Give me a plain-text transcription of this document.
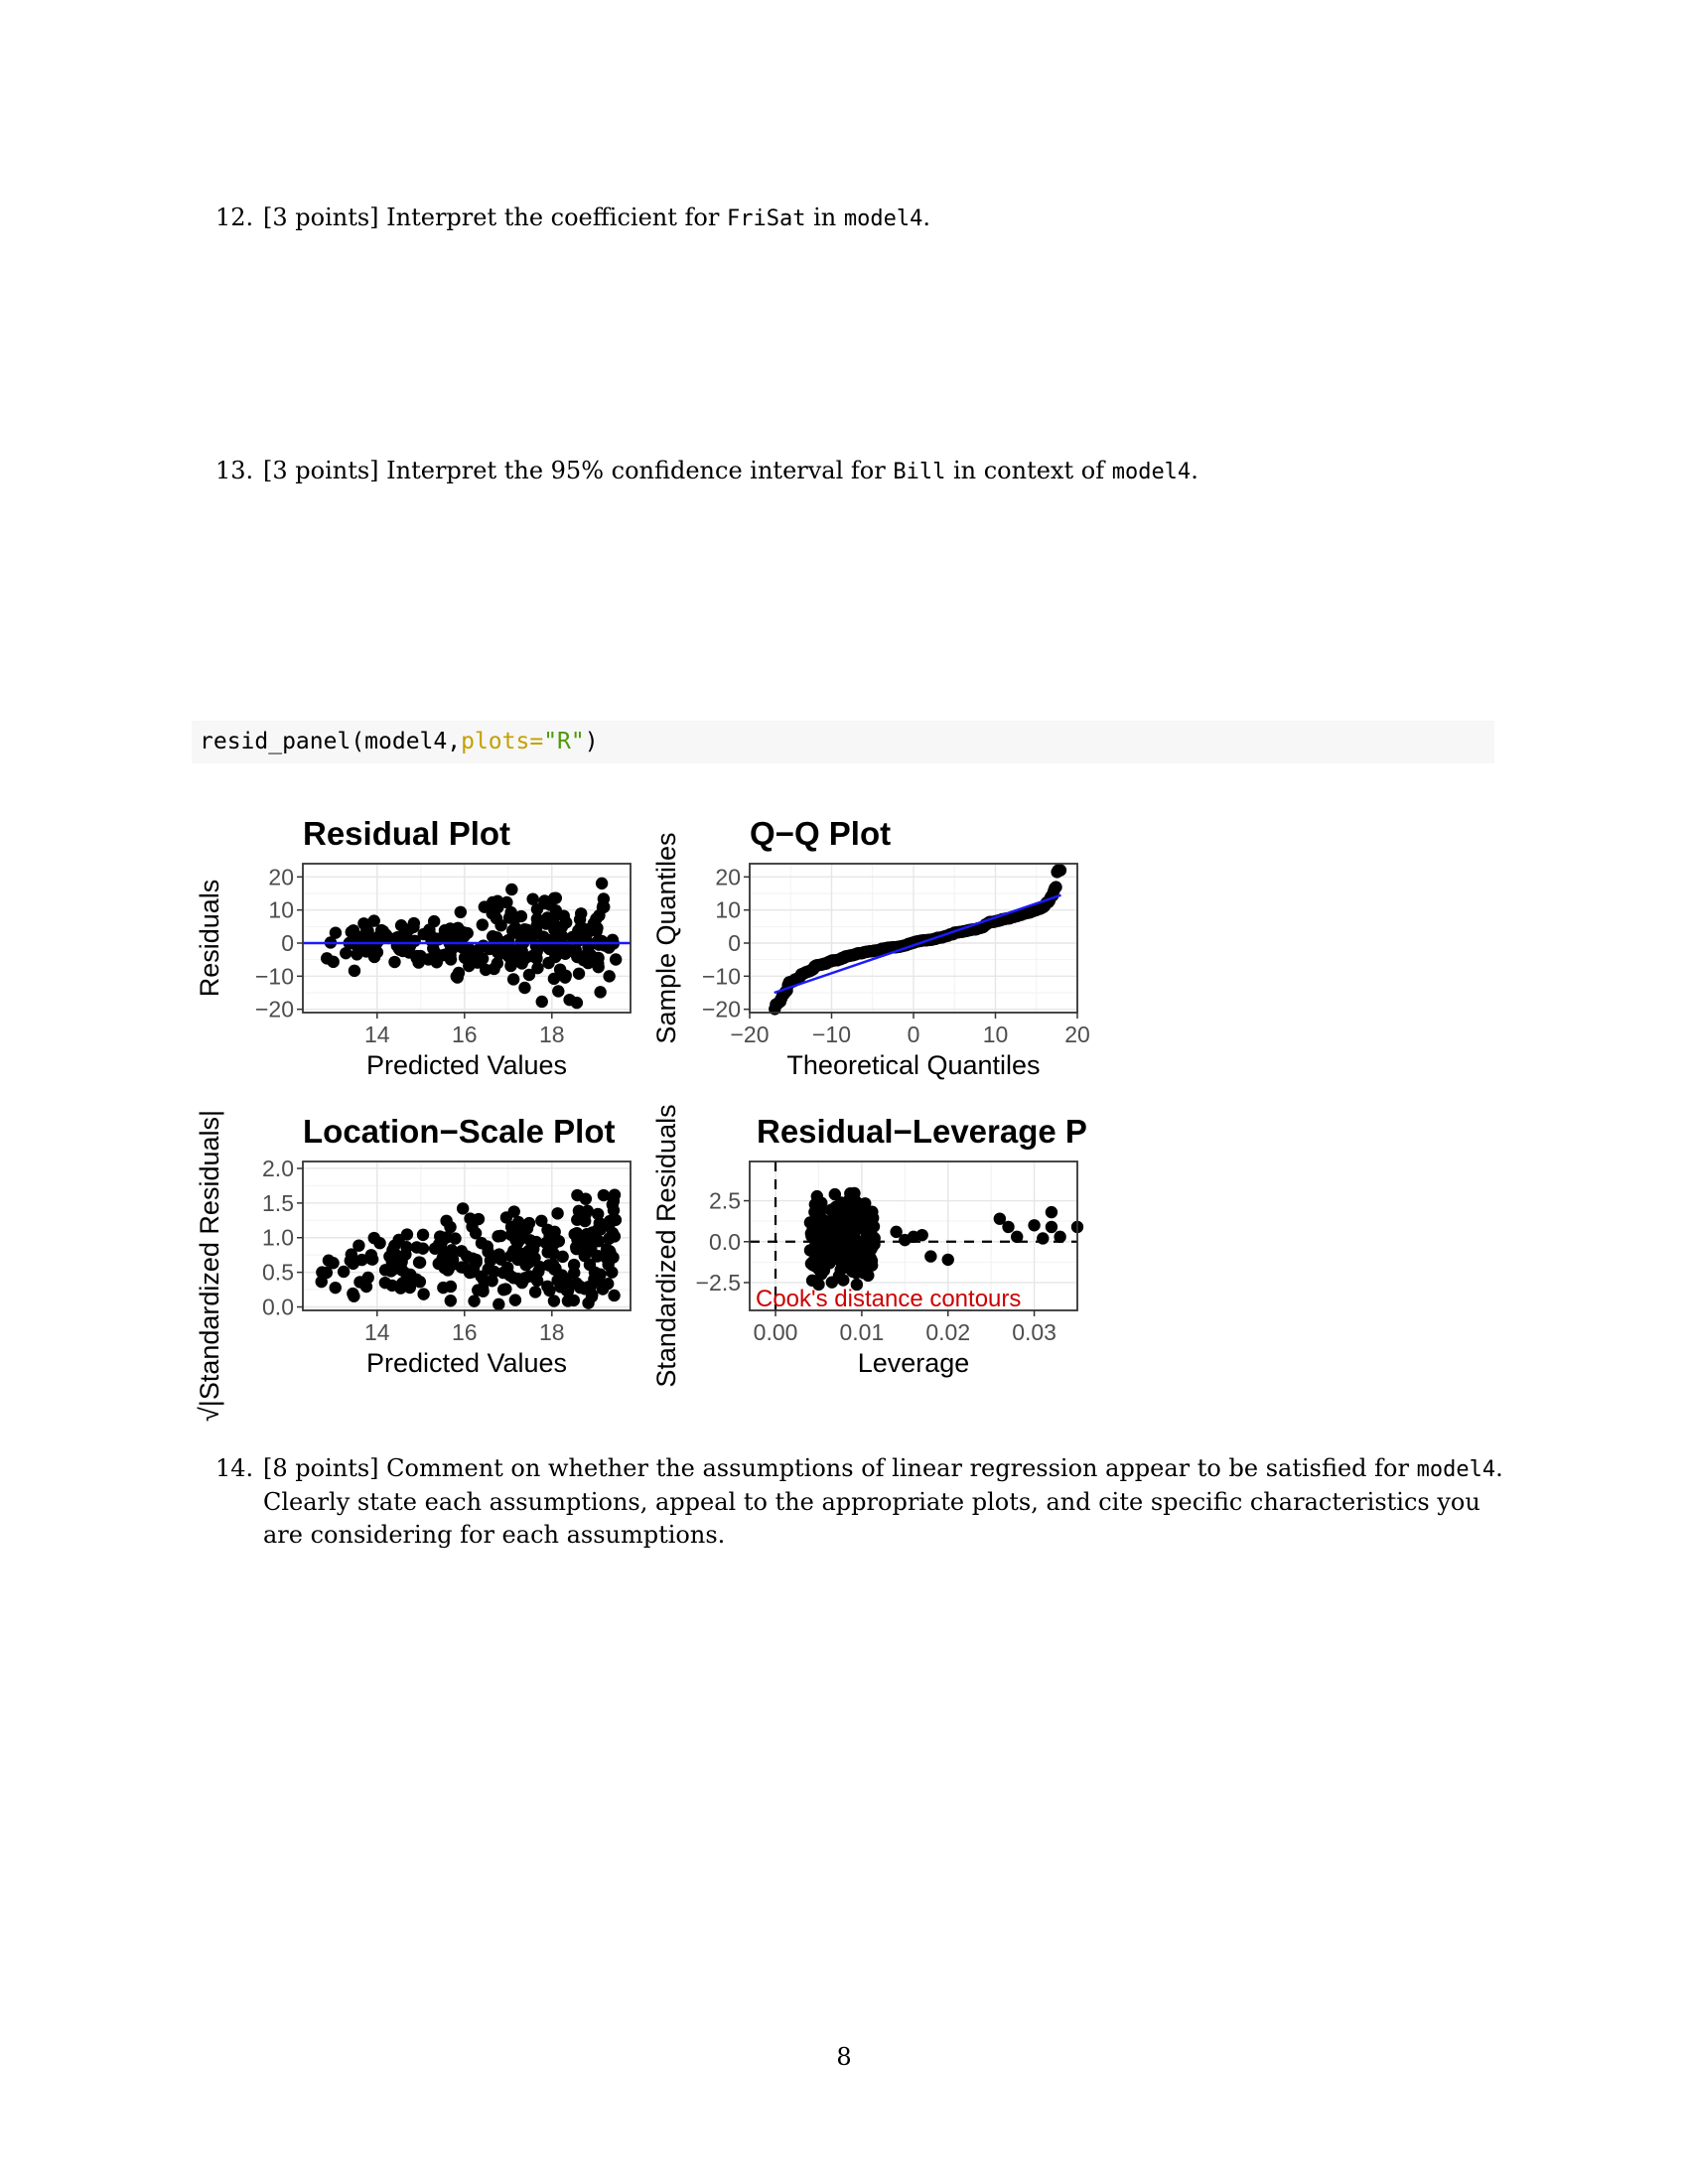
12. [3 points] Interpret the coefficient for FriSat in model4.
13. [3 points] Interpret the 95% confidence interval for Bill in context of model4.
resid_panel(model4,plots="R")
14	16	18
20
10
0
−10
−20
Residual Plot
Predicted Values
Residuals
−20 −10 0	10 20
20
10
0
−10
−20
Q−Q Plot
Theoretical Quantiles
Sample Quantiles
14	16	18
2.0
1.5
1.0
0.5
0.0
Location−Scale Plot
Predicted Values
√|Standardized Residuals|	Cook's distance contours
0.00 0.01 0.02 0.03
2.5
0.0
−2.5
Residual−Leverage P
Leverage
Standardized Residuals
14. [8 points] Comment on whether the assumptions of linear regression appear to be satisfied for model4.
Clearly state each assumptions, appeal to the appropriate plots, and cite specific characteristics you
are considering for each assumptions.
8
